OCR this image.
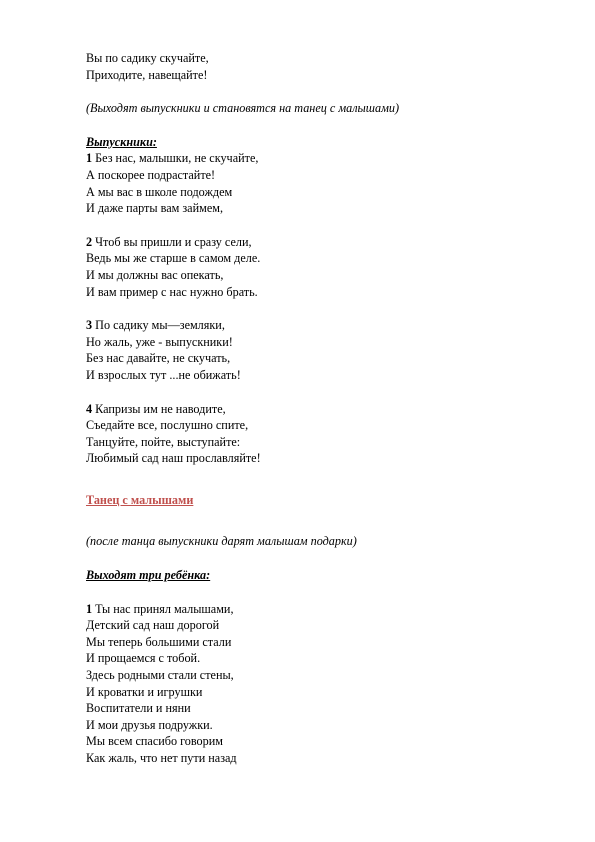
Вы по садику скучайте,
Приходите, навещайте!
(Выходят выпускники и становятся на танец с малышами)
Выпускники:
1 Без нас, малышки, не скучайте,
А поскорее подрастайте!
А мы вас в школе подождем
И даже парты вам займем,
2 Чтоб вы пришли и сразу сели,
Ведь мы же старше в самом деле.
И мы должны вас опекать,
И вам пример с нас нужно брать.
3 По садику мы—земляки,
Но жаль, уже - выпускники!
Без нас давайте, не скучать,
И взрослых тут ...не обижать!
4 Капризы им не наводите,
Съедайте все, послушно спите,
Танцуйте, пойте, выступайте:
Любимый сад наш прославляйте!
Танец с малышами
(после танца выпускники дарят малышам подарки)
Выходят три ребёнка:
1 Ты нас принял малышами,
Детский сад наш дорогой
Мы теперь большими стали
И прощаемся с тобой.
Здесь родными стали стены,
И кроватки и игрушки
Воспитатели и няни
И мои друзья подружки.
Мы всем спасибо говорим
Как жаль, что нет пути назад
